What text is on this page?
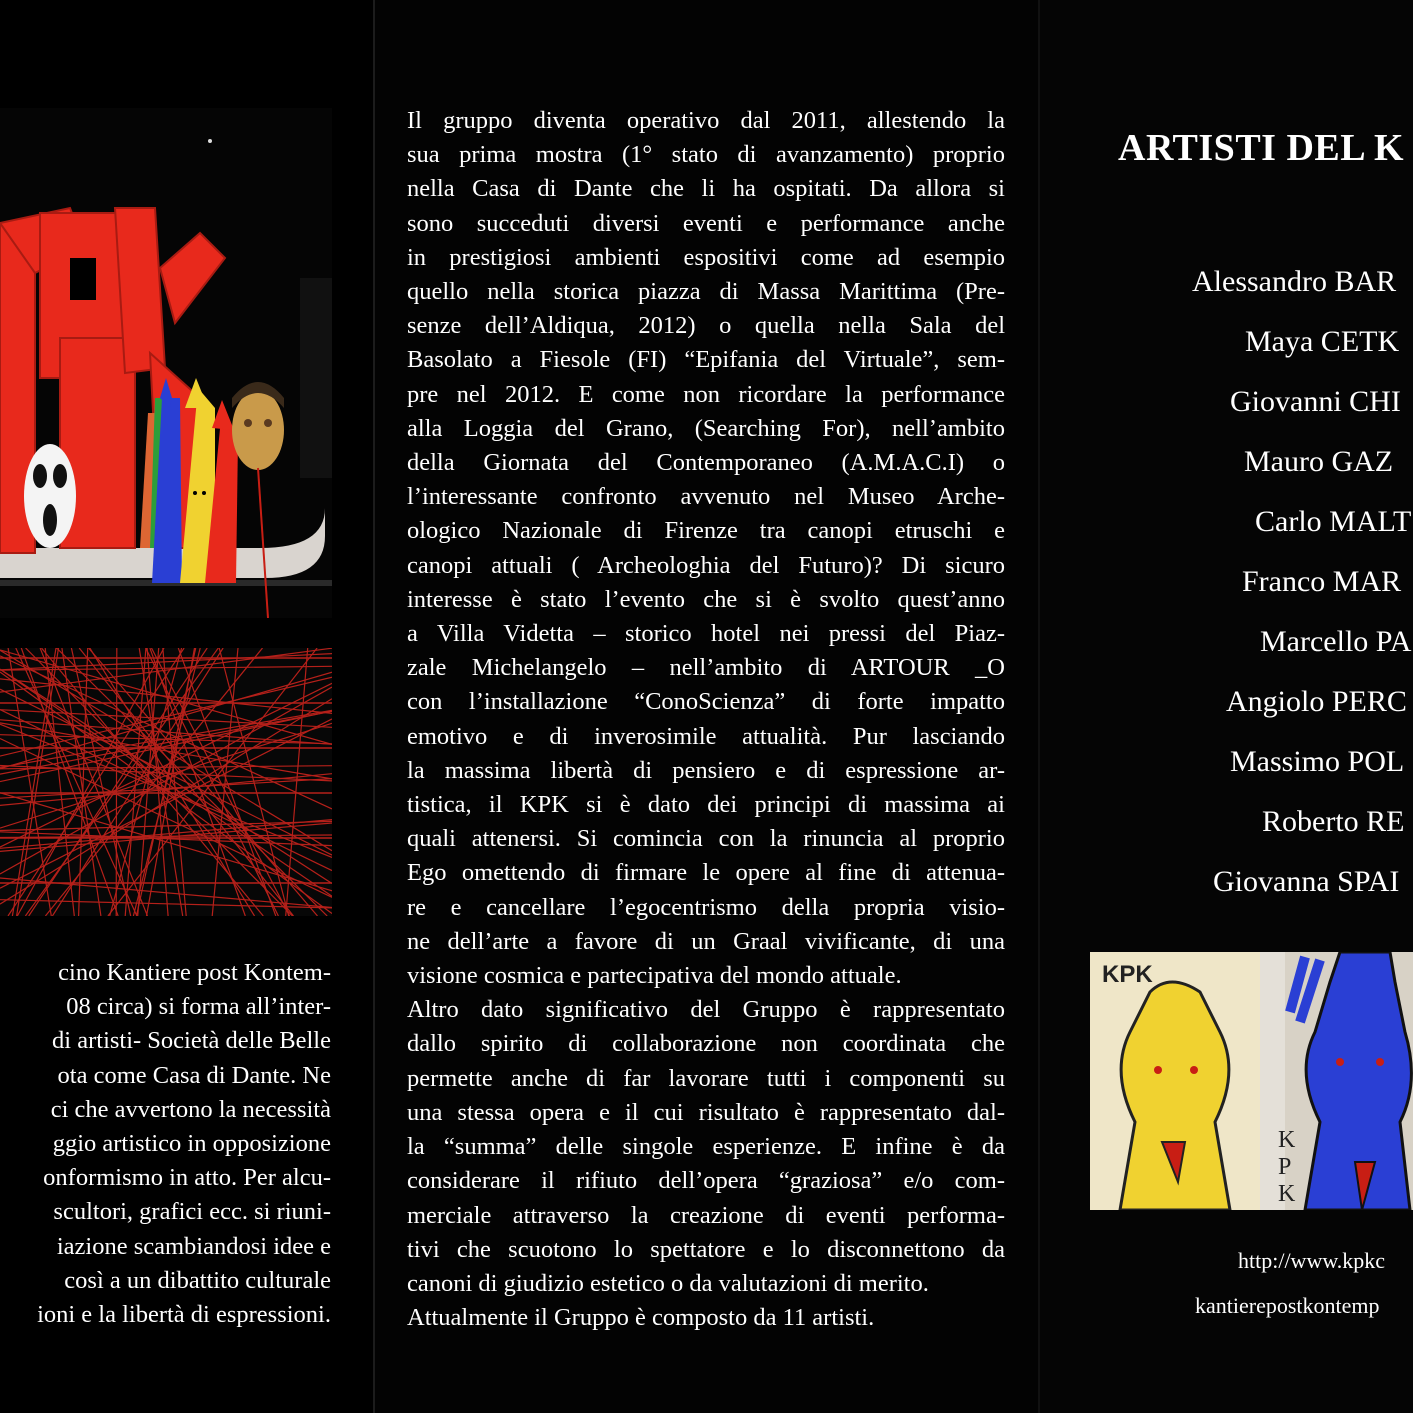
cino Kantiere post Kontem-
08 circa) si forma all’inter-
di artisti- Società delle Belle
ota come Casa di Dante. Ne
ci che avvertono la necessità
ggio artistico in opposizione
onformismo in atto. Per alcu-
scultori, grafici ecc. si riuni-
iazione scambiandosi idee e
così a un dibattito culturale
ioni e la libertà di espressioni.
Il gruppo diventa operativo dal 2011, allestendo la
sua prima mostra (1° stato di avanzamento) proprio
nella Casa di Dante che li ha ospitati. Da allora si
sono succeduti diversi eventi e performance anche
in prestigiosi ambienti espositivi come ad esempio
quello nella storica piazza di Massa Marittima (Pre-
senze dell’Aldiqua, 2012) o quella nella Sala del
Basolato a Fiesole (FI) “Epifania del Virtuale”, sem-
pre nel 2012. E come non ricordare la performance
alla Loggia del Grano, (Searching For), nell’ambito
della Giornata del Contemporaneo (A.M.A.C.I) o
l’interessante confronto avvenuto nel Museo Arche-
ologico Nazionale di Firenze tra canopi etruschi e
canopi attuali ( Archeologhia del Futuro)? Di sicuro
interesse è stato l’evento che si è svolto quest’anno
a Villa Videtta – storico hotel nei pressi del Piaz-
zale Michelangelo – nell’ambito di ARTOUR _O
con l’installazione “ConoScienza” di forte impatto
emotivo e di inverosimile attualità. Pur lasciando
la massima libertà di pensiero e di espressione ar-
tistica, il KPK si è dato dei principi di massima ai
quali attenersi. Si comincia con la rinuncia al proprio
Ego omettendo di firmare le opere al fine di attenua-
re e cancellare l’egocentrismo della propria visio-
ne dell’arte a favore di un Graal vivificante, di una
visione cosmica e partecipativa del mondo attuale.
Altro dato significativo del Gruppo è rappresentato
dallo spirito di collaborazione non coordinata che
permette anche di far lavorare tutti i componenti su
una stessa opera e il cui risultato è rappresentato dal-
la “summa” delle singole esperienze. E infine è da
considerare il rifiuto dell’opera “graziosa” e/o com-
merciale attraverso la creazione di eventi performa-
tivi che scuotono lo spettatore e lo disconnettono da
canoni di giudizio estetico o da valutazioni di merito.
Attualmente il Gruppo è composto da 11 artisti.
ARTISTI DEL K
Alessandro BAR
Maya CETK
Giovanni CHI
Mauro GAZ
Carlo MALT
Franco MAR
Marcello PA
Angiolo PERC
Massimo POL
Roberto RE
Giovanna SPAI
KPK
K
P
K
http://www.kpkc
kantierepostkontemp
